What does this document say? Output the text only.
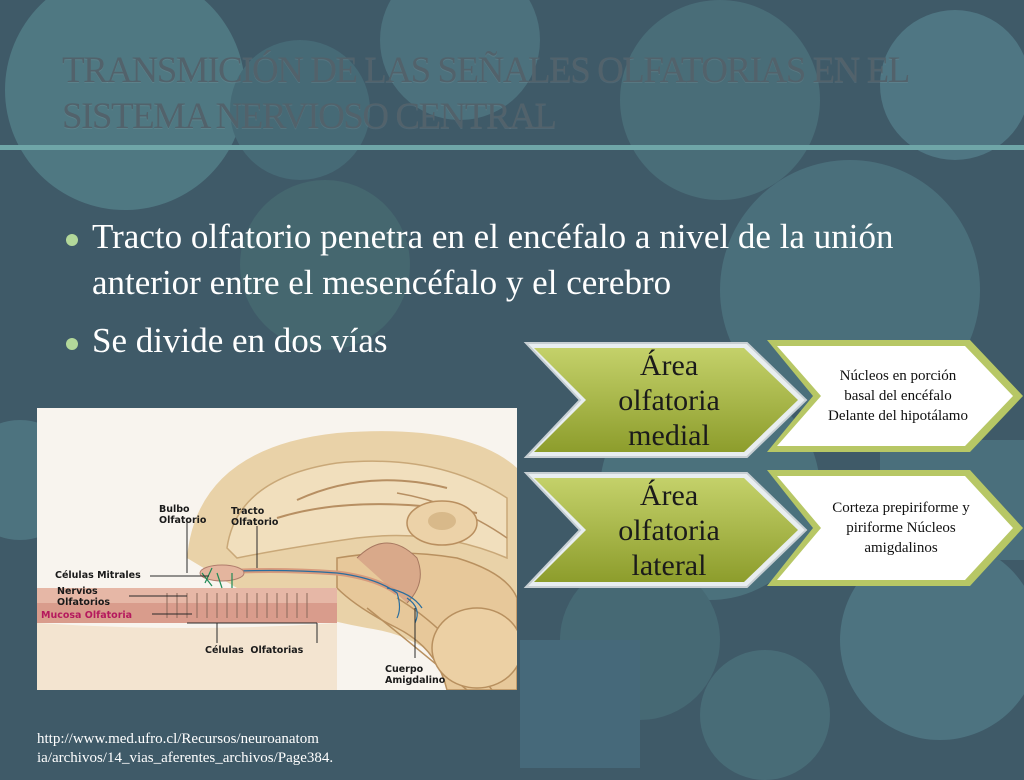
TRANSMICIÓN DE LAS SEÑALES OLFATORIAS EN EL SISTEMA NERVIOSO CENTRAL
Tracto olfatorio penetra en el encéfalo a nivel de la unión anterior entre el mesencéfalo y el cerebro
Se divide en dos vías
Bulbo
Olfatorio
Tracto
Olfatorio
Células Mitrales
Nervios
Olfatorios
Mucosa Olfatoria
Células  Olfatorias
Cuerpo
Amigdalino
Área olfatoria medial
Núcleos en porción basal del encéfalo Delante del hipotálamo
Área olfatoria lateral
Corteza prepiriforme y piriforme Núcleos amigdalinos
http://www.med.ufro.cl/Recursos/neuroanatom
ia/archivos/14_vias_aferentes_archivos/Page384.
